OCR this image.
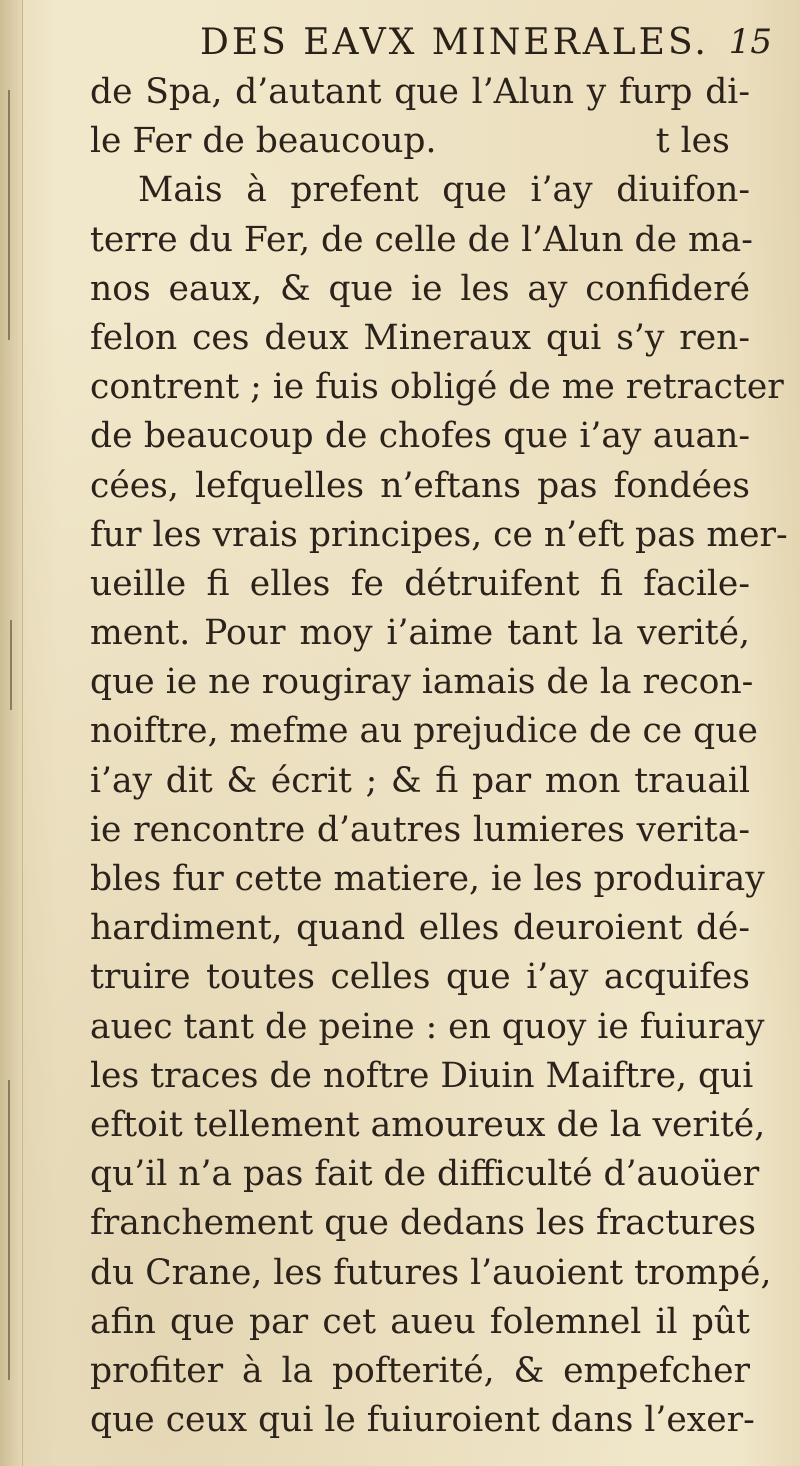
DES EAVX MINERALES. 15
de Spa, d’autant que l’Alun y furp di-
le Fer de beaucoup.                    t les
Mais à prefent que i’ay diuifon-
terre du Fer, de celle de l’Alun de ma-
nos eaux, & que ie les ay confideré
felon ces deux Mineraux qui s’y ren-
contrent ; ie fuis obligé de me retracter
de beaucoup de chofes que i’ay auan-
cées, lefquelles n’eftans pas fondées
fur les vrais principes, ce n’eft pas mer-
ueille fi elles fe détruifent fi facile-
ment. Pour moy i’aime tant la verité,
que ie ne rougiray iamais de la recon-
noiftre, mefme au prejudice de ce que
i’ay dit & écrit ; & fi par mon trauail
ie rencontre d’autres lumieres verita-
bles fur cette matiere, ie les produiray
hardiment, quand elles deuroient dé-
truire toutes celles que i’ay acquifes
auec tant de peine : en quoy ie fuiuray
les traces de noftre Diuin Maiftre, qui
eftoit tellement amoureux de la verité,
qu’il n’a pas fait de difficulté d’auoüer
franchement que dedans les fractures
du Crane, les futures l’auoient trompé,
afin que par cet aueu folemnel il pût
profiter à la pofterité, & empefcher
que ceux qui le fuiuroient dans l’exer-
